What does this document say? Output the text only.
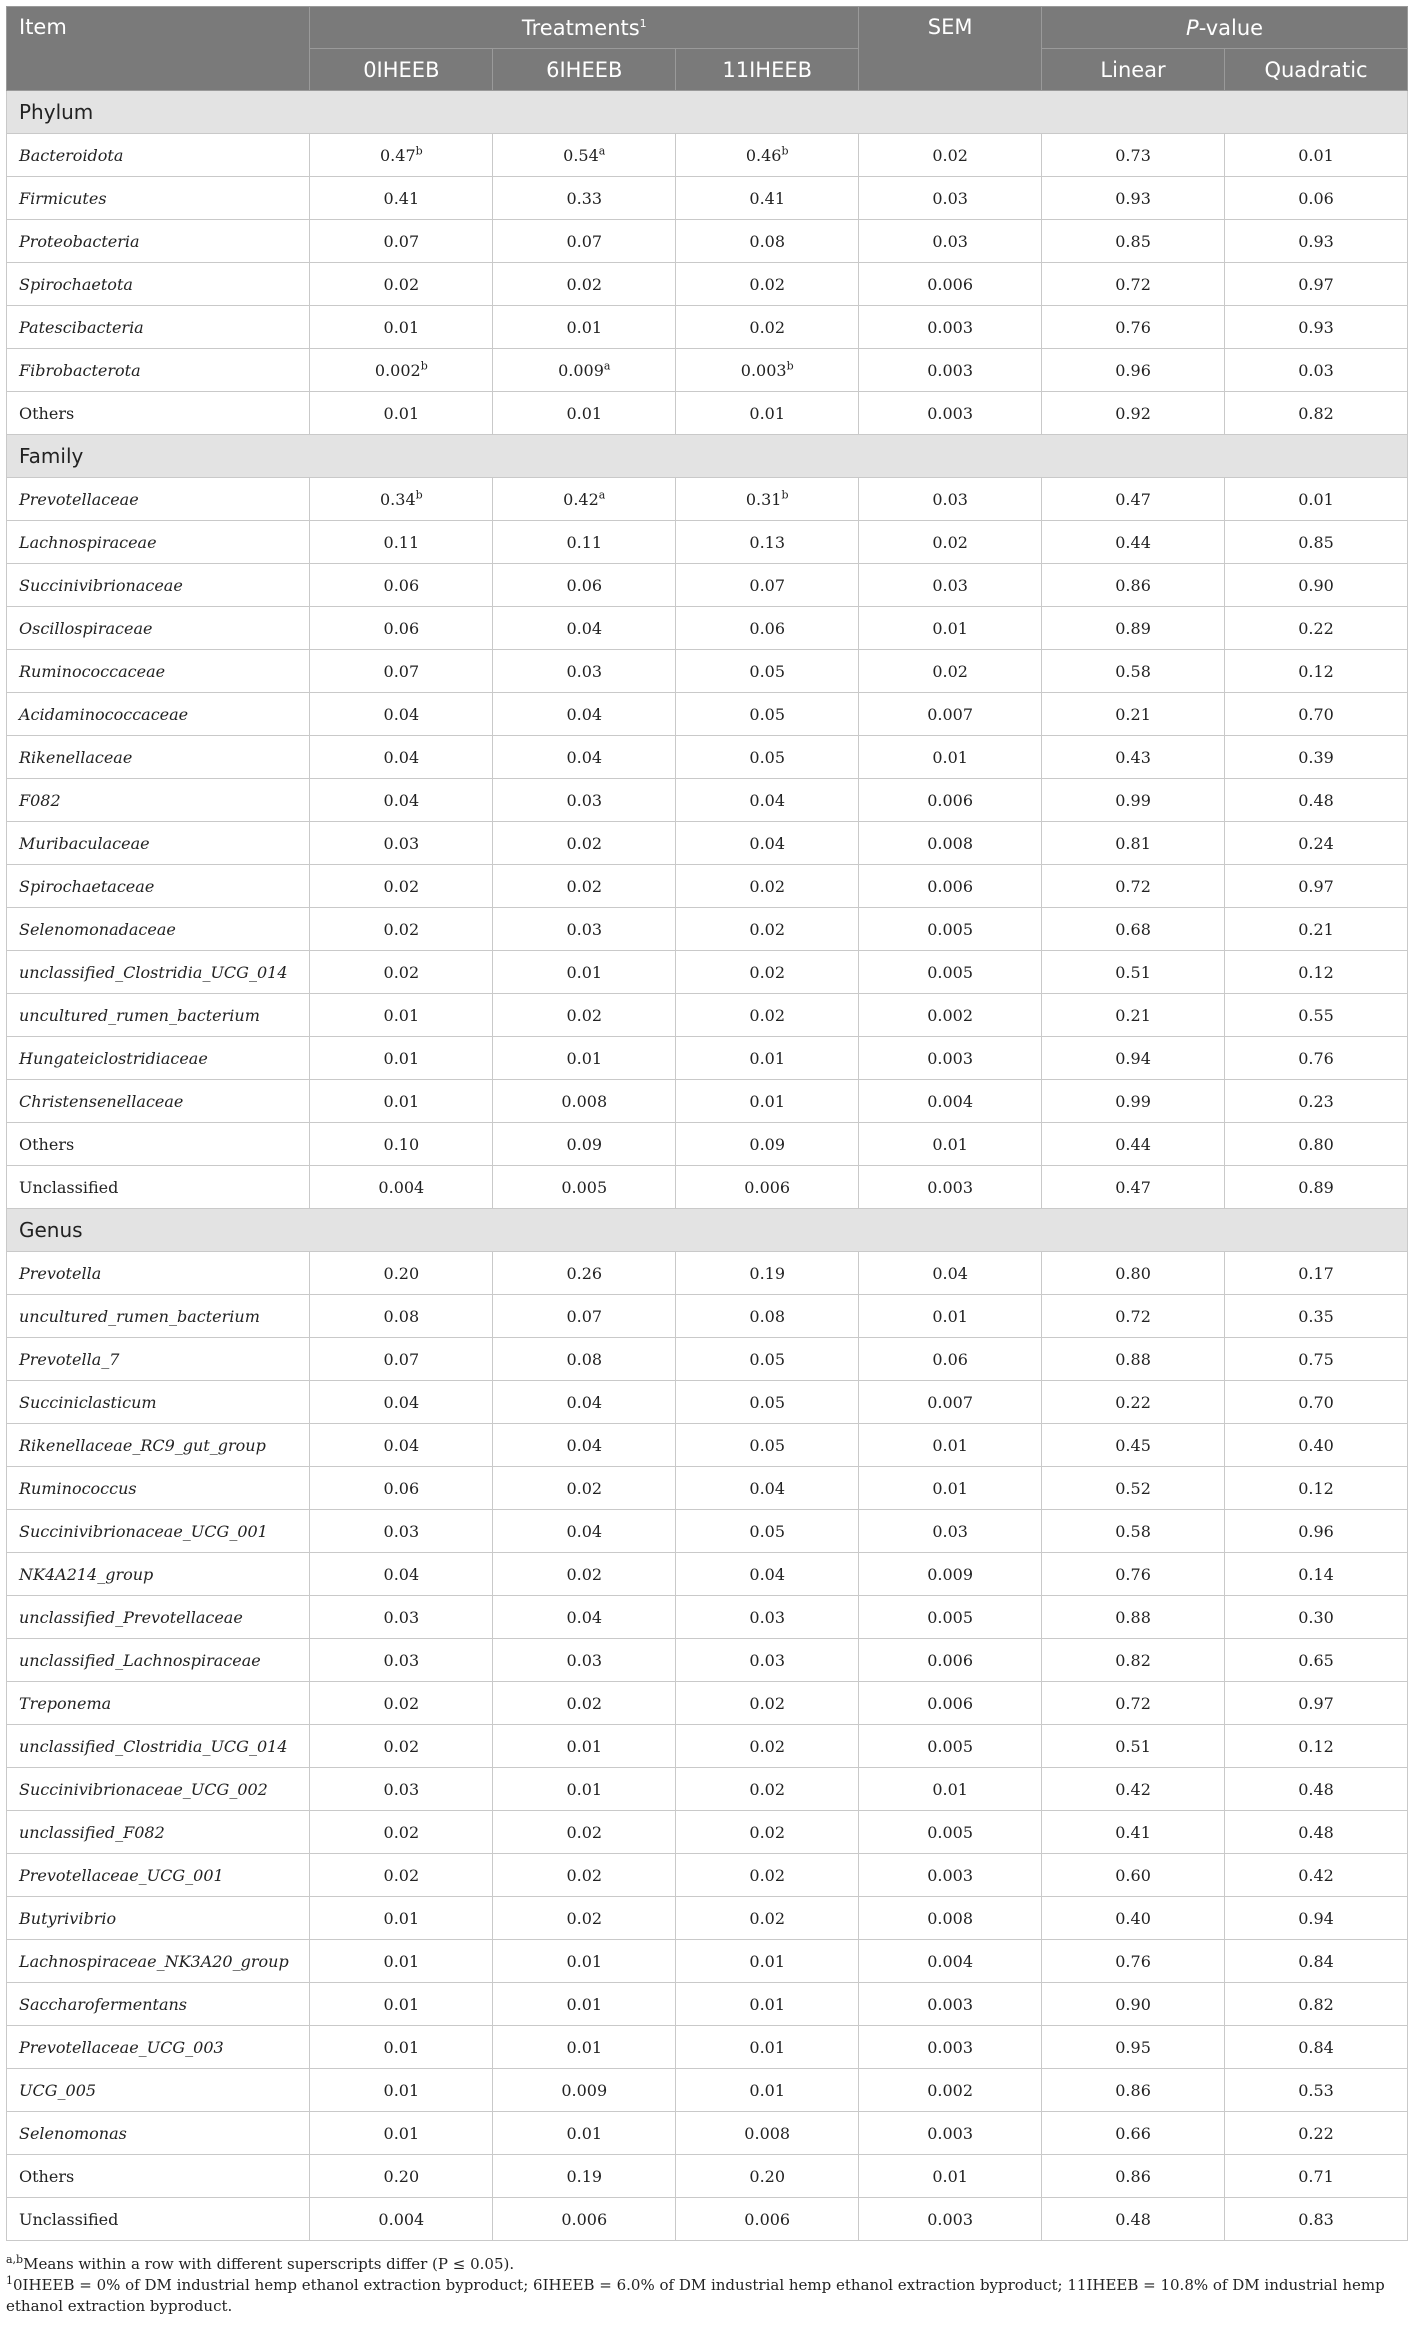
Item	Treatments$^1$			SEM	P-value	
	0IHEEB	6IHEEB	11IHEEB		Linear	Quadratic
Phylum						
Bacteroidota	0.47$^b$	0.54$^a$	0.46$^b$	0.02	0.73	0.01
Firmicutes	0.41	0.33	0.41	0.03	0.93	0.06
Proteobacteria	0.07	0.07	0.08	0.03	0.85	0.93
Spirochaetota	0.02	0.02	0.02	0.006	0.72	0.97
Patescibacteria	0.01	0.01	0.02	0.003	0.76	0.93
Fibrobacterota	0.002$^b$	0.009$^a$	0.003$^b$	0.003	0.96	0.03
Others	0.01	0.01	0.01	0.003	0.92	0.82
Family						
Prevotellaceae	0.34$^b$	0.42$^a$	0.31$^b$	0.03	0.47	0.01
Lachnospiraceae	0.11	0.11	0.13	0.02	0.44	0.85
Succinivibrionaceae	0.06	0.06	0.07	0.03	0.86	0.90
Oscillospiraceae	0.06	0.04	0.06	0.01	0.89	0.22
Ruminococcaceae	0.07	0.03	0.05	0.02	0.58	0.12
Acidaminococcaceae	0.04	0.04	0.05	0.007	0.21	0.70
Rikenellaceae	0.04	0.04	0.05	0.01	0.43	0.39
F082	0.04	0.03	0.04	0.006	0.99	0.48
Muribaculaceae	0.03	0.02	0.04	0.008	0.81	0.24
Spirochaetaceae	0.02	0.02	0.02	0.006	0.72	0.97
Selenomonadaceae	0.02	0.03	0.02	0.005	0.68	0.21
unclassified_Clostridia_UCG_014	0.02	0.01	0.02	0.005	0.51	0.12
uncultured_rumen_bacterium	0.01	0.02	0.02	0.002	0.21	0.55
Hungateiclostridiaceae	0.01	0.01	0.01	0.003	0.94	0.76
Christensenellaceae	0.01	0.008	0.01	0.004	0.99	0.23
Others	0.10	0.09	0.09	0.01	0.44	0.80
Unclassified	0.004	0.005	0.006	0.003	0.47	0.89
Genus						
Prevotella	0.20	0.26	0.19	0.04	0.80	0.17
uncultured_rumen_bacterium	0.08	0.07	0.08	0.01	0.72	0.35
Prevotella_7	0.07	0.08	0.05	0.06	0.88	0.75
Succiniclasticum	0.04	0.04	0.05	0.007	0.22	0.70
Rikenellaceae_RC9_gut_group	0.04	0.04	0.05	0.01	0.45	0.40
Ruminococcus	0.06	0.02	0.04	0.01	0.52	0.12
Succinivibrionaceae_UCG_001	0.03	0.04	0.05	0.03	0.58	0.96
NK4A214_group	0.04	0.02	0.04	0.009	0.76	0.14
unclassified_Prevotellaceae	0.03	0.04	0.03	0.005	0.88	0.30
unclassified_Lachnospiraceae	0.03	0.03	0.03	0.006	0.82	0.65
Treponema	0.02	0.02	0.02	0.006	0.72	0.97
unclassified_Clostridia_UCG_014	0.02	0.01	0.02	0.005	0.51	0.12
Succinivibrionaceae_UCG_002	0.03	0.01	0.02	0.01	0.42	0.48
unclassified_F082	0.02	0.02	0.02	0.005	0.41	0.48
Prevotellaceae_UCG_001	0.02	0.02	0.02	0.003	0.60	0.42
Butyrivibrio	0.01	0.02	0.02	0.008	0.40	0.94
Lachnospiraceae_NK3A20_group	0.01	0.01	0.01	0.004	0.76	0.84
Saccharofermentans	0.01	0.01	0.01	0.003	0.90	0.82
Prevotellaceae_UCG_003	0.01	0.01	0.01	0.003	0.95	0.84
UCG_005	0.01	0.009	0.01	0.002	0.86	0.53
Selenomonas	0.01	0.01	0.008	0.003	0.66	0.22
Others	0.20	0.19	0.20	0.01	0.86	0.71
Unclassified	0.004	0.006	0.006	0.003	0.48	0.83

$^{a,b}$Means within a row with different superscripts differ (P ≤ 0.05).

$^1$0IHEEB = 0% of DM industrial hemp ethanol extraction byproduct; 6IHEEB = 6.0% of DM industrial hemp ethanol extraction byproduct; 11IHEEB = 10.8% of DM industrial hemp ethanol extraction byproduct.
